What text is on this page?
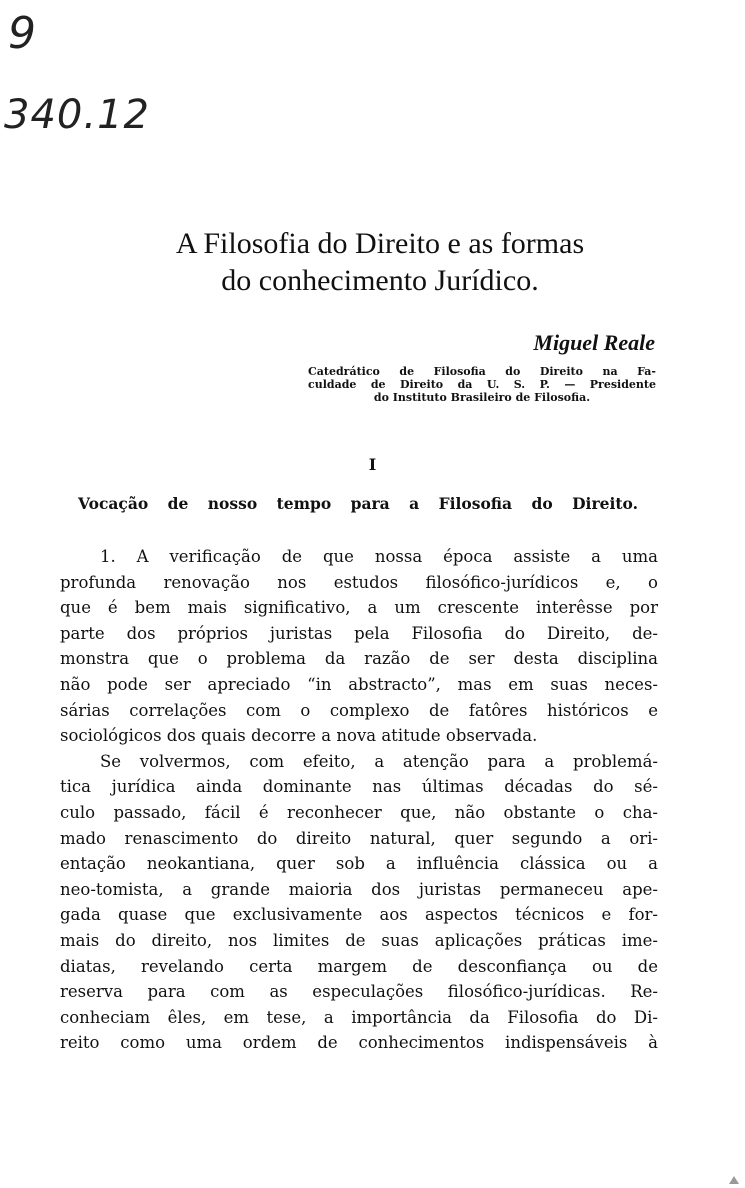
9
340.12
A Filosofia do Direito e as formas
do conhecimento Jurídico.
Miguel Reale
Catedrático de Filosofia do Direito na Fa-
culdade de Direito da U. S. P. — Presidente
do Instituto Brasileiro de Filosofia.
I
Vocação de nosso tempo para a Filosofia do Direito.
1. A verificação de que nossa época assiste a uma
profunda renovação nos estudos filosófico-jurídicos e, o
que é bem mais significativo, a um crescente interêsse por
parte dos próprios juristas pela Filosofia do Direito, de-
monstra que o problema da razão de ser desta disciplina
não pode ser apreciado “in abstracto”, mas em suas neces-
sárias correlações com o complexo de fatôres históricos e
sociológicos dos quais decorre a nova atitude observada.
Se volvermos, com efeito, a atenção para a problemá-
tica jurídica ainda dominante nas últimas décadas do sé-
culo passado, fácil é reconhecer que, não obstante o cha-
mado renascimento do direito natural, quer segundo a ori-
entação neokantiana, quer sob a influência clássica ou a
neo-tomista, a grande maioria dos juristas permaneceu ape-
gada quase que exclusivamente aos aspectos técnicos e for-
mais do direito, nos limites de suas aplicações práticas ime-
diatas, revelando certa margem de desconfiança ou de
reserva para com as especulações filosófico-jurídicas. Re-
conheciam êles, em tese, a importância da Filosofia do Di-
reito como uma ordem de conhecimentos indispensáveis à
